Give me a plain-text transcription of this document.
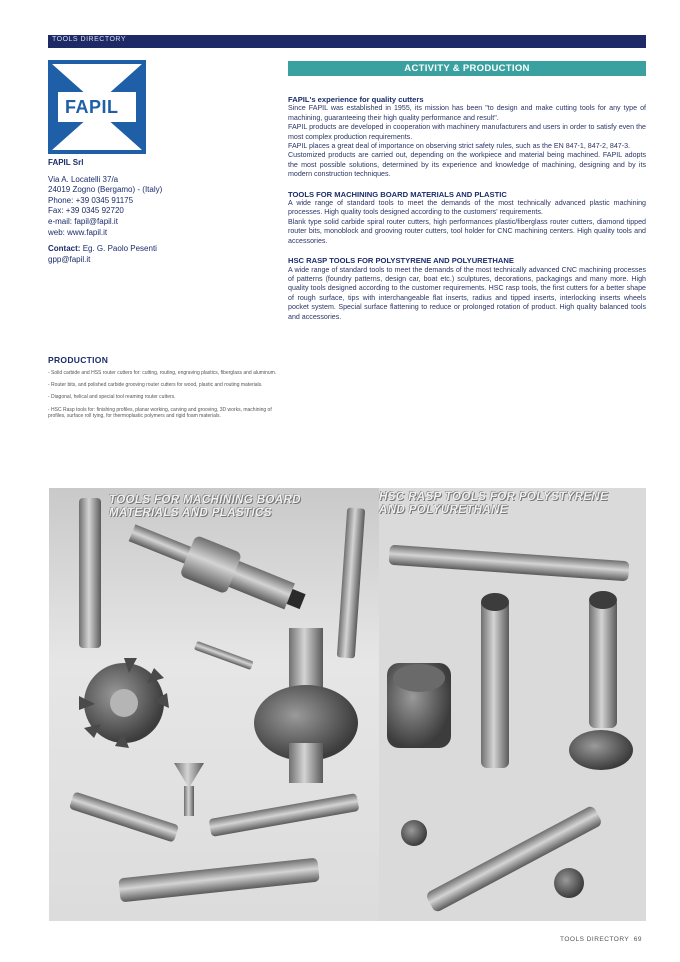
TOOLS DIRECTORY
FAPIL
FAPIL Srl
Via A. Locatelli 37/a
24019 Zogno (Bergamo) - (Italy)
Phone: +39 0345 91175
Fax: +39 0345 92720
e-mail: fapil@fapil.it
web: www.fapil.it
Contact: Eg. G. Paolo Pesenti
gpp@fapil.it
PRODUCTION

- Solid carbide and HSS router cutters for: cutting, routing, engraving plastics, fiberglass and aluminum.

- Router bits, and polished carbide grooving router cutters for wood, plastic and routing materials.

- Diagonal, helical and special tool reaming router cutters.

- HSC Rasp tools for: finishing profiles, planar working, carving and grooving, 3D works, machining of profiles, surface roll tying, for thermoplastic polymers and rigid foam materials.

ACTIVITY & PRODUCTION
FAPIL's experience for quality cutters

Since FAPIL was established in 1955, its mission has been "to design and make cutting tools for any type of machining, guaranteeing their high quality performance and result".
FAPIL products are developed in cooperation with machinery manufacturers and users in order to satisfy even the most complex production requirements.
FAPIL places a great deal of importance on observing strict safety rules, such as the EN 847-1, 847-2, 847-3.
Customized products are carried out, depending on the workpiece and material being machined. FAPIL adopts the most possible solutions, determined by its experience and knowledge of machining, designing and by its modern construction techniques.

TOOLS FOR MACHINING BOARD MATERIALS AND PLASTIC

A wide range of standard tools to meet the demands of the most technically advanced plastic machining processes. High quality tools designed according to the customers' requirements.
Blank type solid carbide spiral router cutters, high performances plastic/fiberglass router cutters, diamond tipped router bits, monoblock and grooving router cutters, tool holder for CNC machining centers. High quality tools and accessories.

HSC RASP TOOLS FOR POLYSTYRENE AND POLYURETHANE

A wide range of standard tools to meet the demands of the most technically advanced CNC machining processes of patterns (foundry patterns, design car, boat etc.) sculptures, decorations, packagings and many more. High quality tools designed according to the customer requirements. HSC rasp tools, the first cutters for a better shape of rough surface, tips with interchangeable flat inserts, radius and tipped inserts, interlocking inserts wheels pocket system. Special surface flattening to reduce or prolonged rotation of product. High quality balanced tools and accessories.

TOOLS FOR MACHINING BOARD
MATERIALS AND PLASTICS
HSC RASP TOOLS FOR POLYSTYRENE
AND POLYURETHANE
TOOLS DIRECTORY 69
